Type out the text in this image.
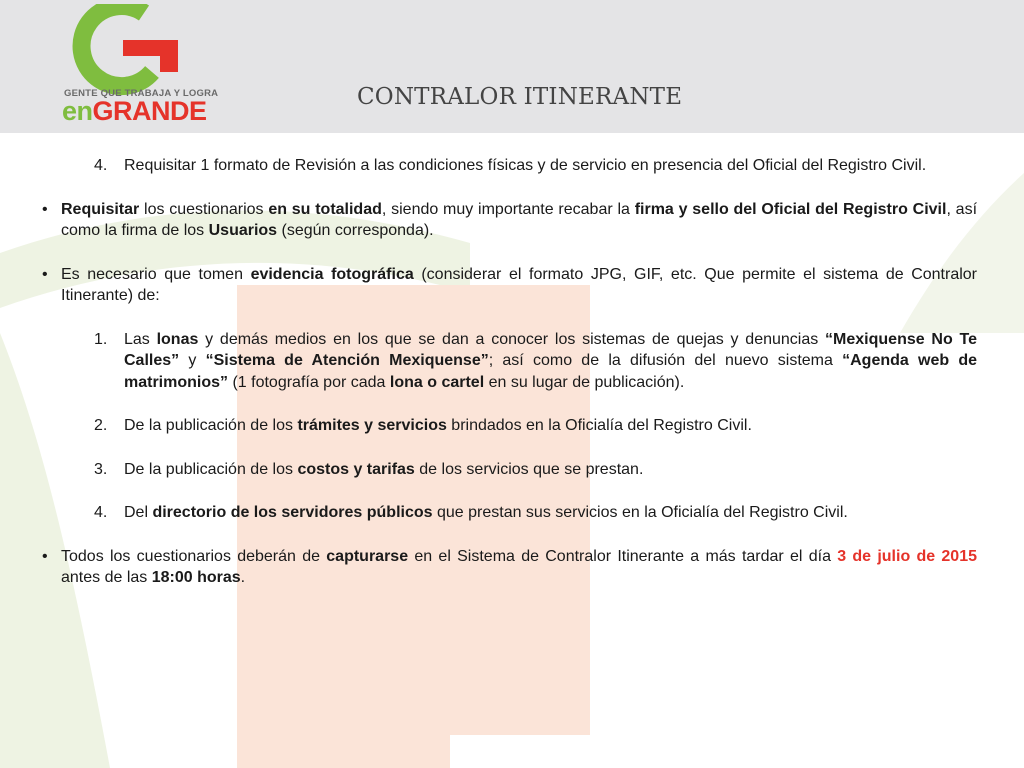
GENTE QUE TRABAJA Y LOGRA
enGRANDE	CONTRALOR ITINERANTE
4. Requisitar 1 formato de Revisión a las condiciones físicas y de servicio en presencia del Oficial del Registro Civil.
• Requisitar los cuestionarios en su totalidad, siendo muy importante recabar la firma y sello del Oficial del Registro Civil, así como la firma de los Usuarios (según corresponda).
• Es necesario que tomen evidencia fotográfica (considerar el formato JPG, GIF, etc. Que permite el sistema de Contralor Itinerante) de:
1. Las lonas y demás medios en los que se dan a conocer los sistemas de quejas y denuncias “Mexiquense No Te Calles” y “Sistema de Atención Mexiquense”; así como de la difusión del nuevo sistema “Agenda web de matrimonios” (1 fotografía por cada lona o cartel en su lugar de publicación).
2. De la publicación de los trámites y servicios brindados en la Oficialía del Registro Civil.
3. De la publicación de los costos y tarifas de los servicios que se prestan.
4. Del directorio de los servidores públicos que prestan sus servicios en la Oficialía del Registro Civil.
• Todos los cuestionarios deberán de capturarse en el Sistema de Contralor Itinerante a más tardar el día 3 de julio de 2015 antes de las 18:00 horas.
